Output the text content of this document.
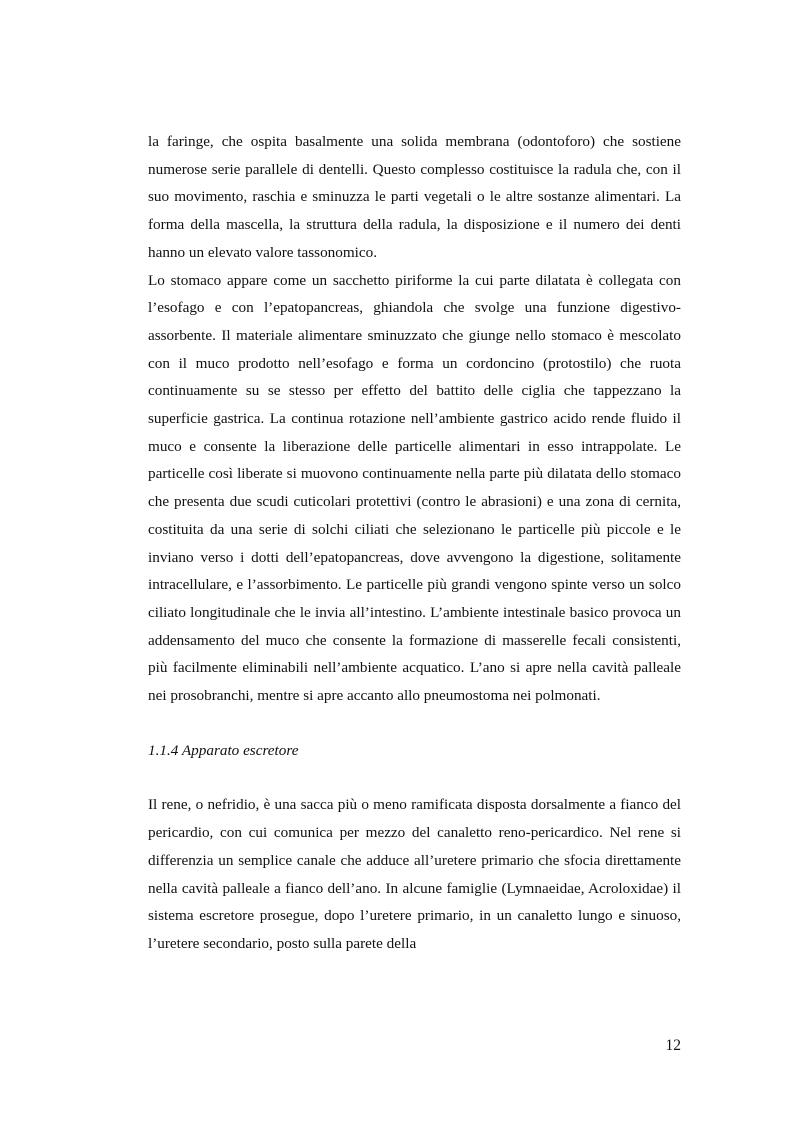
la faringe, che ospita basalmente una solida membrana (odontoforo) che sostiene numerose serie parallele di dentelli. Questo complesso costituisce la radula che, con il suo movimento, raschia e sminuzza le parti vegetali o le altre sostanze alimentari. La forma della mascella, la struttura della radula, la disposizione e il numero dei denti hanno un elevato valore tassonomico.

Lo stomaco appare come un sacchetto piriforme la cui parte dilatata è collegata con l’esofago e con l’epatopancreas, ghiandola che svolge una funzione digestivo-assorbente. Il materiale alimentare sminuzzato che giunge nello stomaco è mescolato con il muco prodotto nell’esofago e forma un cordoncino (protostilo) che ruota continuamente su se stesso per effetto del battito delle ciglia che tappezzano la superficie gastrica. La continua rotazione nell’ambiente gastrico acido rende fluido il muco e consente la liberazione delle particelle alimentari in esso intrappolate. Le particelle così liberate si muovono continuamente nella parte più dilatata dello stomaco che presenta due scudi cuticolari protettivi (contro le abrasioni) e una zona di cernita, costituita da una serie di solchi ciliati che selezionano le particelle più piccole e le inviano verso i dotti dell’epatopancreas, dove avvengono la digestione, solitamente intracellulare, e l’assorbimento. Le particelle più grandi vengono spinte verso un solco ciliato longitudinale che le invia all’intestino. L’ambiente intestinale basico provoca un addensamento del muco che consente la formazione di masserelle fecali consistenti, più facilmente eliminabili nell’ambiente acquatico. L’ano si apre nella cavità palleale nei prosobranchi, mentre si apre accanto allo pneumostoma nei polmonati.

1.1.4 Apparato escretore

Il rene, o nefridio, è una sacca più o meno ramificata disposta dorsalmente a fianco del pericardio, con cui comunica per mezzo del canaletto reno-pericardico. Nel rene si differenzia un semplice canale che adduce all’uretere primario che sfocia direttamente nella cavità palleale a fianco dell’ano. In alcune famiglie (Lymnaeidae, Acroloxidae) il sistema escretore prosegue, dopo l’uretere primario, in un canaletto lungo e sinuoso, l’uretere secondario, posto sulla parete della

12
